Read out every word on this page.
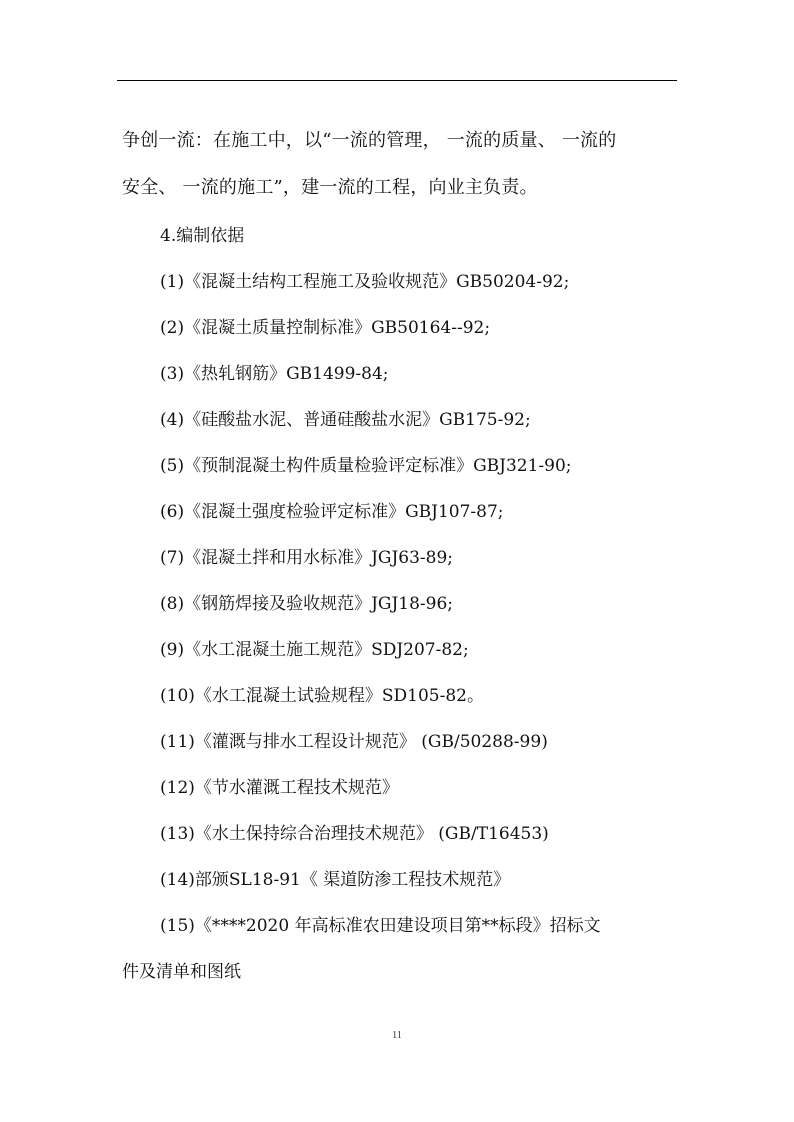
争创一流：在施工中，以“一流的管理， 一流的质量、 一流的
安全、 一流的施工”，建一流的工程，向业主负责。
4.编制依据
(1)《混凝土结构工程施工及验收规范》GB50204-92;
(2)《混凝土质量控制标准》GB50164--92;
(3)《热轧钢筋》GB1499-84;
(4)《硅酸盐水泥、普通硅酸盐水泥》GB175-92;
(5)《预制混凝土构件质量检验评定标准》GBJ321-90;
(6)《混凝土强度检验评定标准》GBJ107-87;
(7)《混凝土拌和用水标准》JGJ63-89;
(8)《钢筋焊接及验收规范》JGJ18-96;
(9)《水工混凝土施工规范》SDJ207-82;
(10)《水工混凝土试验规程》SD105-82。
(11)《灌溉与排水工程设计规范》 (GB/50288-99)
(12)《节水灌溉工程技术规范》
(13)《水土保持综合治理技术规范》 (GB/T16453)
(14)部颁SL18-91《 渠道防渗工程技术规范》
(15)《****2020 年高标准农田建设项目第**标段》招标文
件及清单和图纸
11
